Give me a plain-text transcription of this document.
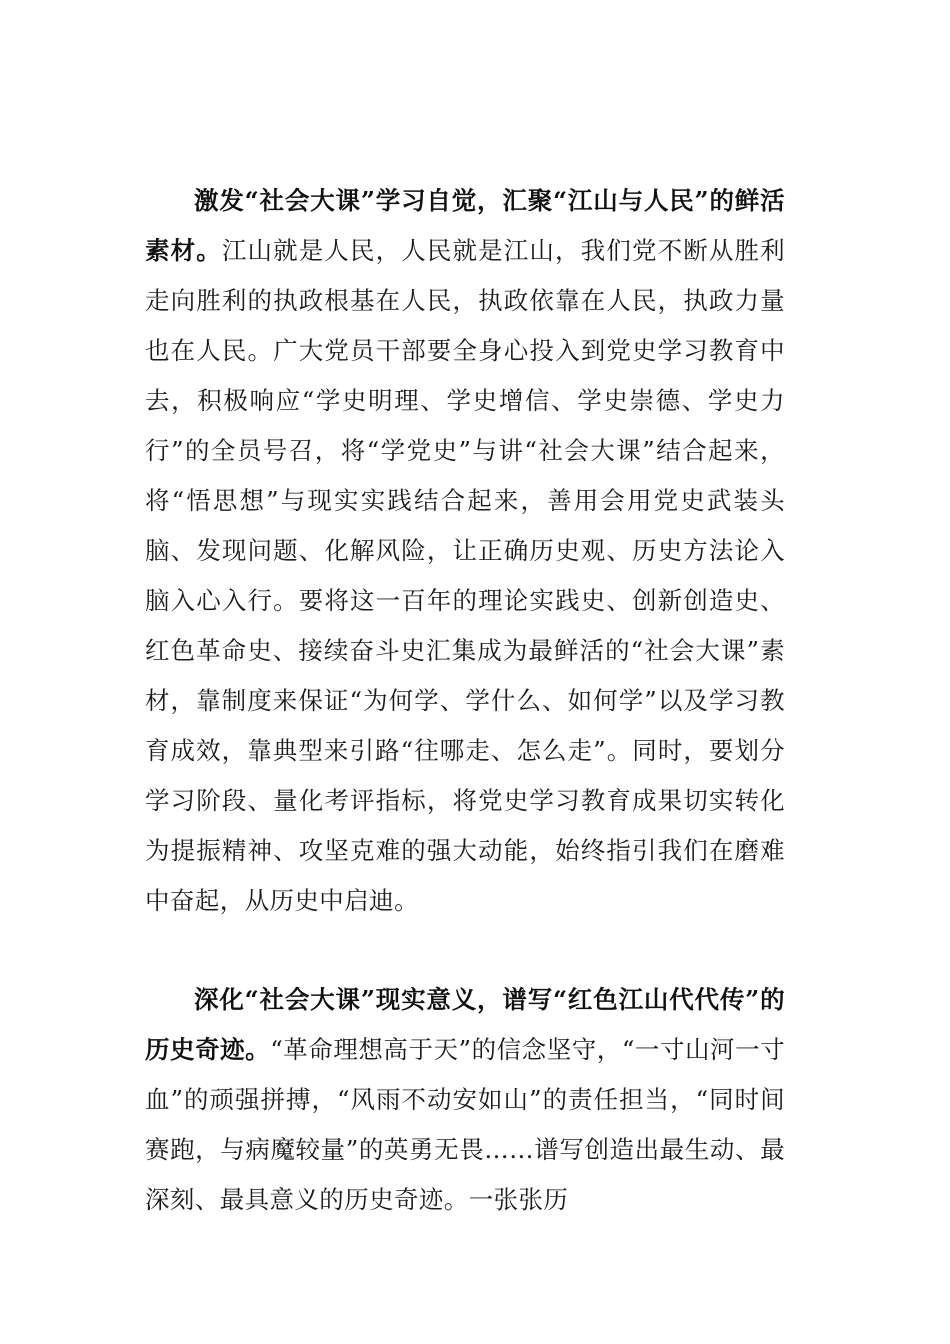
激发“社会大课”学习自觉，汇聚“江山与人民”的鲜活素材。江山就是人民，人民就是江山，我们党不断从胜利走向胜利的执政根基在人民，执政依靠在人民，执政力量也在人民。广大党员干部要全身心投入到党史学习教育中去，积极响应“学史明理、学史增信、学史崇德、学史力行”的全员号召，将“学党史”与讲“社会大课”结合起来，将“悟思想”与现实实践结合起来，善用会用党史武装头脑、发现问题、化解风险，让正确历史观、历史方法论入脑入心入行。要将这一百年的理论实践史、创新创造史、红色革命史、接续奋斗史汇集成为最鲜活的“社会大课”素材，靠制度来保证“为何学、学什么、如何学”以及学习教育成效，靠典型来引路“往哪走、怎么走”。同时，要划分学习阶段、量化考评指标，将党史学习教育成果切实转化为提振精神、攻坚克难的强大动能，始终指引我们在磨难中奋起，从历史中启迪。

深化“社会大课”现实意义，谱写“红色江山代代传”的历史奇迹。“革命理想高于天”的信念坚守，“一寸山河一寸血”的顽强拼搏，“风雨不动安如山”的责任担当，“同时间赛跑，与病魔较量”的英勇无畏……谱写创造出最生动、最深刻、最具意义的历史奇迹。一张张历
